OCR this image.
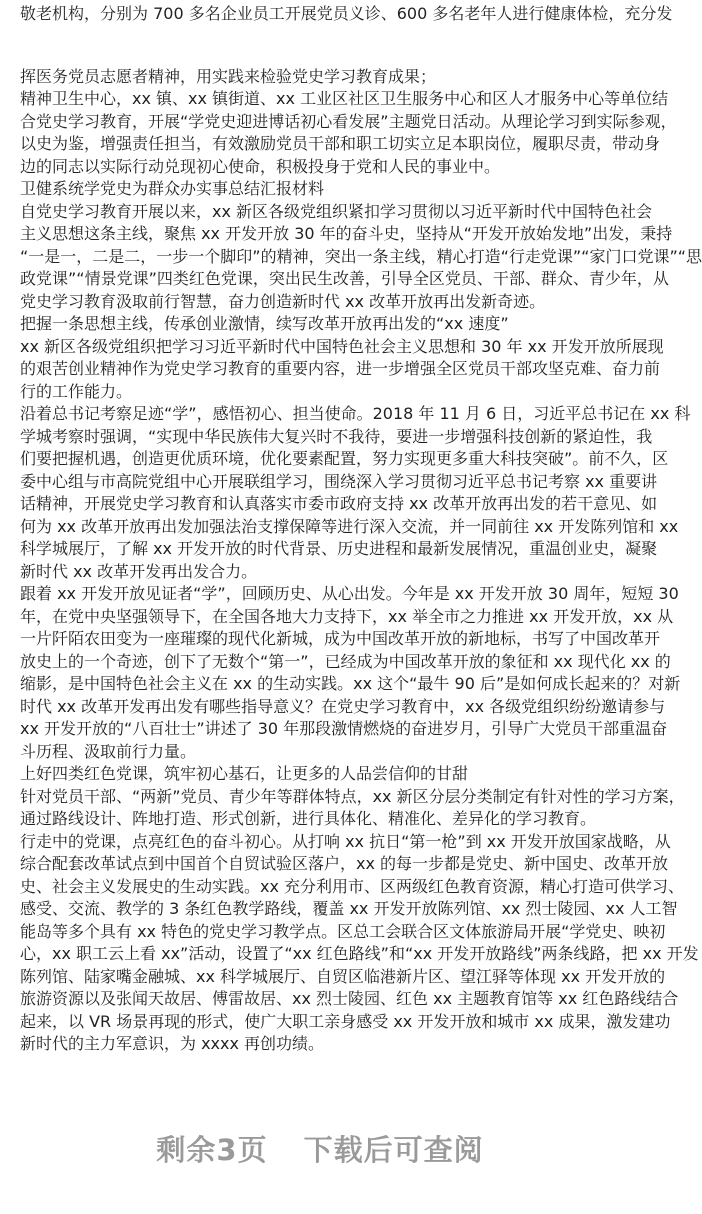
敬老机构，分别为 700 多名企业员工开展党员义诊、600 多名老年人进行健康体检，充分发
挥医务党员志愿者精神，用实践来检验党史学习教育成果；
精神卫生中心，xx 镇、xx 镇街道、xx 工业区社区卫生服务中心和区人才服务中心等单位结
合党史学习教育，开展“学党史迎进博话初心看发展”主题党日活动。从理论学习到实际参观，
以史为鉴，增强责任担当，有效激励党员干部和职工切实立足本职岗位，履职尽责，带动身
边的同志以实际行动兑现初心使命，积极投身于党和人民的事业中。
卫健系统学党史为群众办实事总结汇报材料
自党史学习教育开展以来，xx 新区各级党组织紧扣学习贯彻以习近平新时代中国特色社会
主义思想这条主线，聚焦 xx 开发开放 30 年的奋斗史，坚持从“开发开放始发地”出发，秉持
“一是一，二是二，一步一个脚印”的精神，突出一条主线，精心打造“行走党课”“家门口党课”“思
政党课”“情景党课”四类红色党课，突出民生改善，引导全区党员、干部、群众、青少年，从
党史学习教育汲取前行智慧，奋力创造新时代 xx 改革开放再出发新奇迹。
把握一条思想主线，传承创业激情，续写改革开放再出发的“xx 速度”
xx 新区各级党组织把学习习近平新时代中国特色社会主义思想和 30 年 xx 开发开放所展现
的艰苦创业精神作为党史学习教育的重要内容，进一步增强全区党员干部攻坚克难、奋力前
行的工作能力。
沿着总书记考察足迹“学”，感悟初心、担当使命。2018 年 11 月 6 日，习近平总书记在 xx 科
学城考察时强调，“实现中华民族伟大复兴时不我待，要进一步增强科技创新的紧迫性，我
们要把握机遇，创造更优质环境，优化要素配置，努力实现更多重大科技突破”。前不久，区
委中心组与市高院党组中心开展联组学习，围绕深入学习贯彻习近平总书记考察 xx 重要讲
话精神，开展党史学习教育和认真落实市委市政府支持 xx 改革开放再出发的若干意见、如
何为 xx 改革开放再出发加强法治支撑保障等进行深入交流，并一同前往 xx 开发陈列馆和 xx
科学城展厅，了解 xx 开发开放的时代背景、历史进程和最新发展情况，重温创业史，凝聚
新时代 xx 改革开发再出发合力。
跟着 xx 开发开放见证者“学”，回顾历史、从心出发。今年是 xx 开发开放 30 周年，短短 30
年，在党中央坚强领导下，在全国各地大力支持下，xx 举全市之力推进 xx 开发开放，xx 从
一片阡陌农田变为一座璀璨的现代化新城，成为中国改革开放的新地标，书写了中国改革开
放史上的一个奇迹，创下了无数个“第一”，已经成为中国改革开放的象征和 xx 现代化 xx 的
缩影，是中国特色社会主义在 xx 的生动实践。xx 这个“最牛 90 后”是如何成长起来的？对新
时代 xx 改革开发再出发有哪些指导意义？在党史学习教育中，xx 各级党组织纷纷邀请参与
xx 开发开放的“八百壮士”讲述了 30 年那段激情燃烧的奋进岁月，引导广大党员干部重温奋
斗历程、汲取前行力量。
上好四类红色党课，筑牢初心基石，让更多的人品尝信仰的甘甜
针对党员干部、“两新”党员、青少年等群体特点，xx 新区分层分类制定有针对性的学习方案，
通过路线设计、阵地打造、形式创新，进行具体化、精准化、差异化的学习教育。
行走中的党课，点亮红色的奋斗初心。从打响 xx 抗日“第一枪”到 xx 开发开放国家战略，从
综合配套改革试点到中国首个自贸试验区落户，xx 的每一步都是党史、新中国史、改革开放
史、社会主义发展史的生动实践。xx 充分利用市、区两级红色教育资源，精心打造可供学习、
感受、交流、教学的 3 条红色教学路线，覆盖 xx 开发开放陈列馆、xx 烈士陵园、xx 人工智
能岛等多个具有 xx 特色的党史学习教学点。区总工会联合区文体旅游局开展“学党史、映初
心，xx 职工云上看 xx”活动，设置了“xx 红色路线”和“xx 开发开放路线”两条线路，把 xx 开发
陈列馆、陆家嘴金融城、xx 科学城展厅、自贸区临港新片区、望江驿等体现 xx 开发开放的
旅游资源以及张闻天故居、傅雷故居、xx 烈士陵园、红色 xx 主题教育馆等 xx 红色路线结合
起来，以 VR 场景再现的形式，使广大职工亲身感受 xx 开发开放和城市 xx 成果，激发建功
新时代的主力军意识，为 xxxx 再创功绩。
剩余3页 下载后可查阅
